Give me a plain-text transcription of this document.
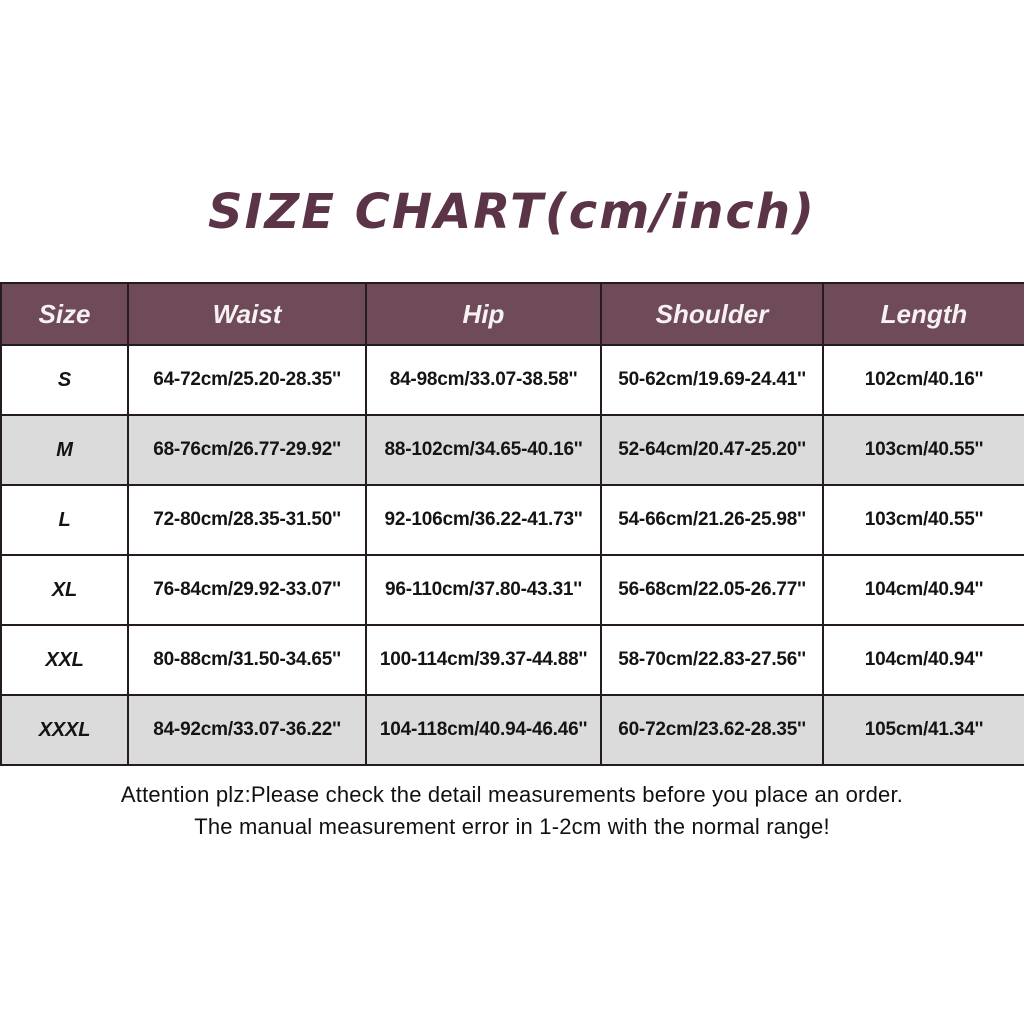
SIZE CHART(cm/inch)
Size	Waist	Hip	Shoulder	Length
S	64-72cm/25.20-28.35''	84-98cm/33.07-38.58''	50-62cm/19.69-24.41''	102cm/40.16''
M	68-76cm/26.77-29.92''	88-102cm/34.65-40.16''	52-64cm/20.47-25.20''	103cm/40.55''
L	72-80cm/28.35-31.50''	92-106cm/36.22-41.73''	54-66cm/21.26-25.98''	103cm/40.55''
XL	76-84cm/29.92-33.07''	96-110cm/37.80-43.31''	56-68cm/22.05-26.77''	104cm/40.94''
XXL	80-88cm/31.50-34.65''	100-114cm/39.37-44.88''	58-70cm/22.83-27.56''	104cm/40.94''
XXXL	84-92cm/33.07-36.22''	104-118cm/40.94-46.46''	60-72cm/23.62-28.35''	105cm/41.34''
Attention plz:Please check the detail measurements before you place an order.
The manual measurement error in 1-2cm with the normal range!
